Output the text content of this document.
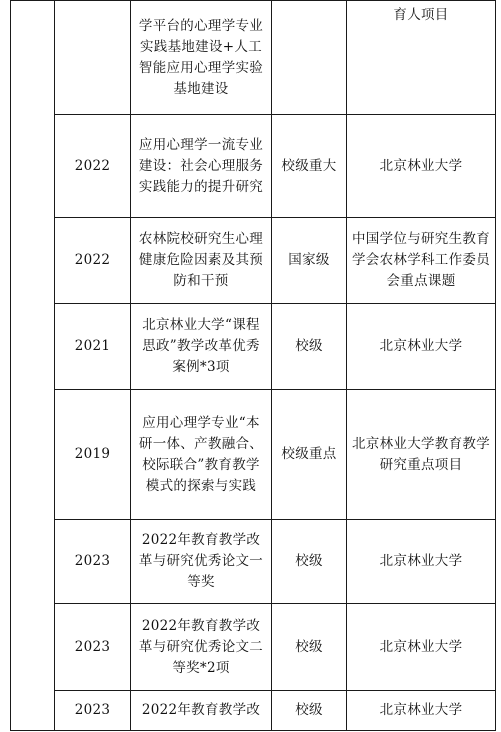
		学平台的心理学专业实践基地建设+人工智能应用心理学实验基地建设		育人项目

	2022	应用心理学一流专业建设：社会心理服务实践能力的提升研究	校级重大	北京林业大学

	2022	农林院校研究生心理健康危险因素及其预防和干预	国家级	中国学位与研究生教育学会农林学科工作委员会重点课题

	2021	北京林业大学“课程思政”教学改革优秀案例*3项	校级	北京林业大学

	2019	应用心理学专业“本研一体、产教融合、校际联合”教育教学模式的探索与实践	校级重点	北京林业大学教育教学研究重点项目

	2023	2022年教育教学改革与研究优秀论文一等奖	校级	北京林业大学

	2023	2022年教育教学改革与研究优秀论文二等奖*2项	校级	北京林业大学

	2023	2022年教育教学改	校级	北京林业大学
